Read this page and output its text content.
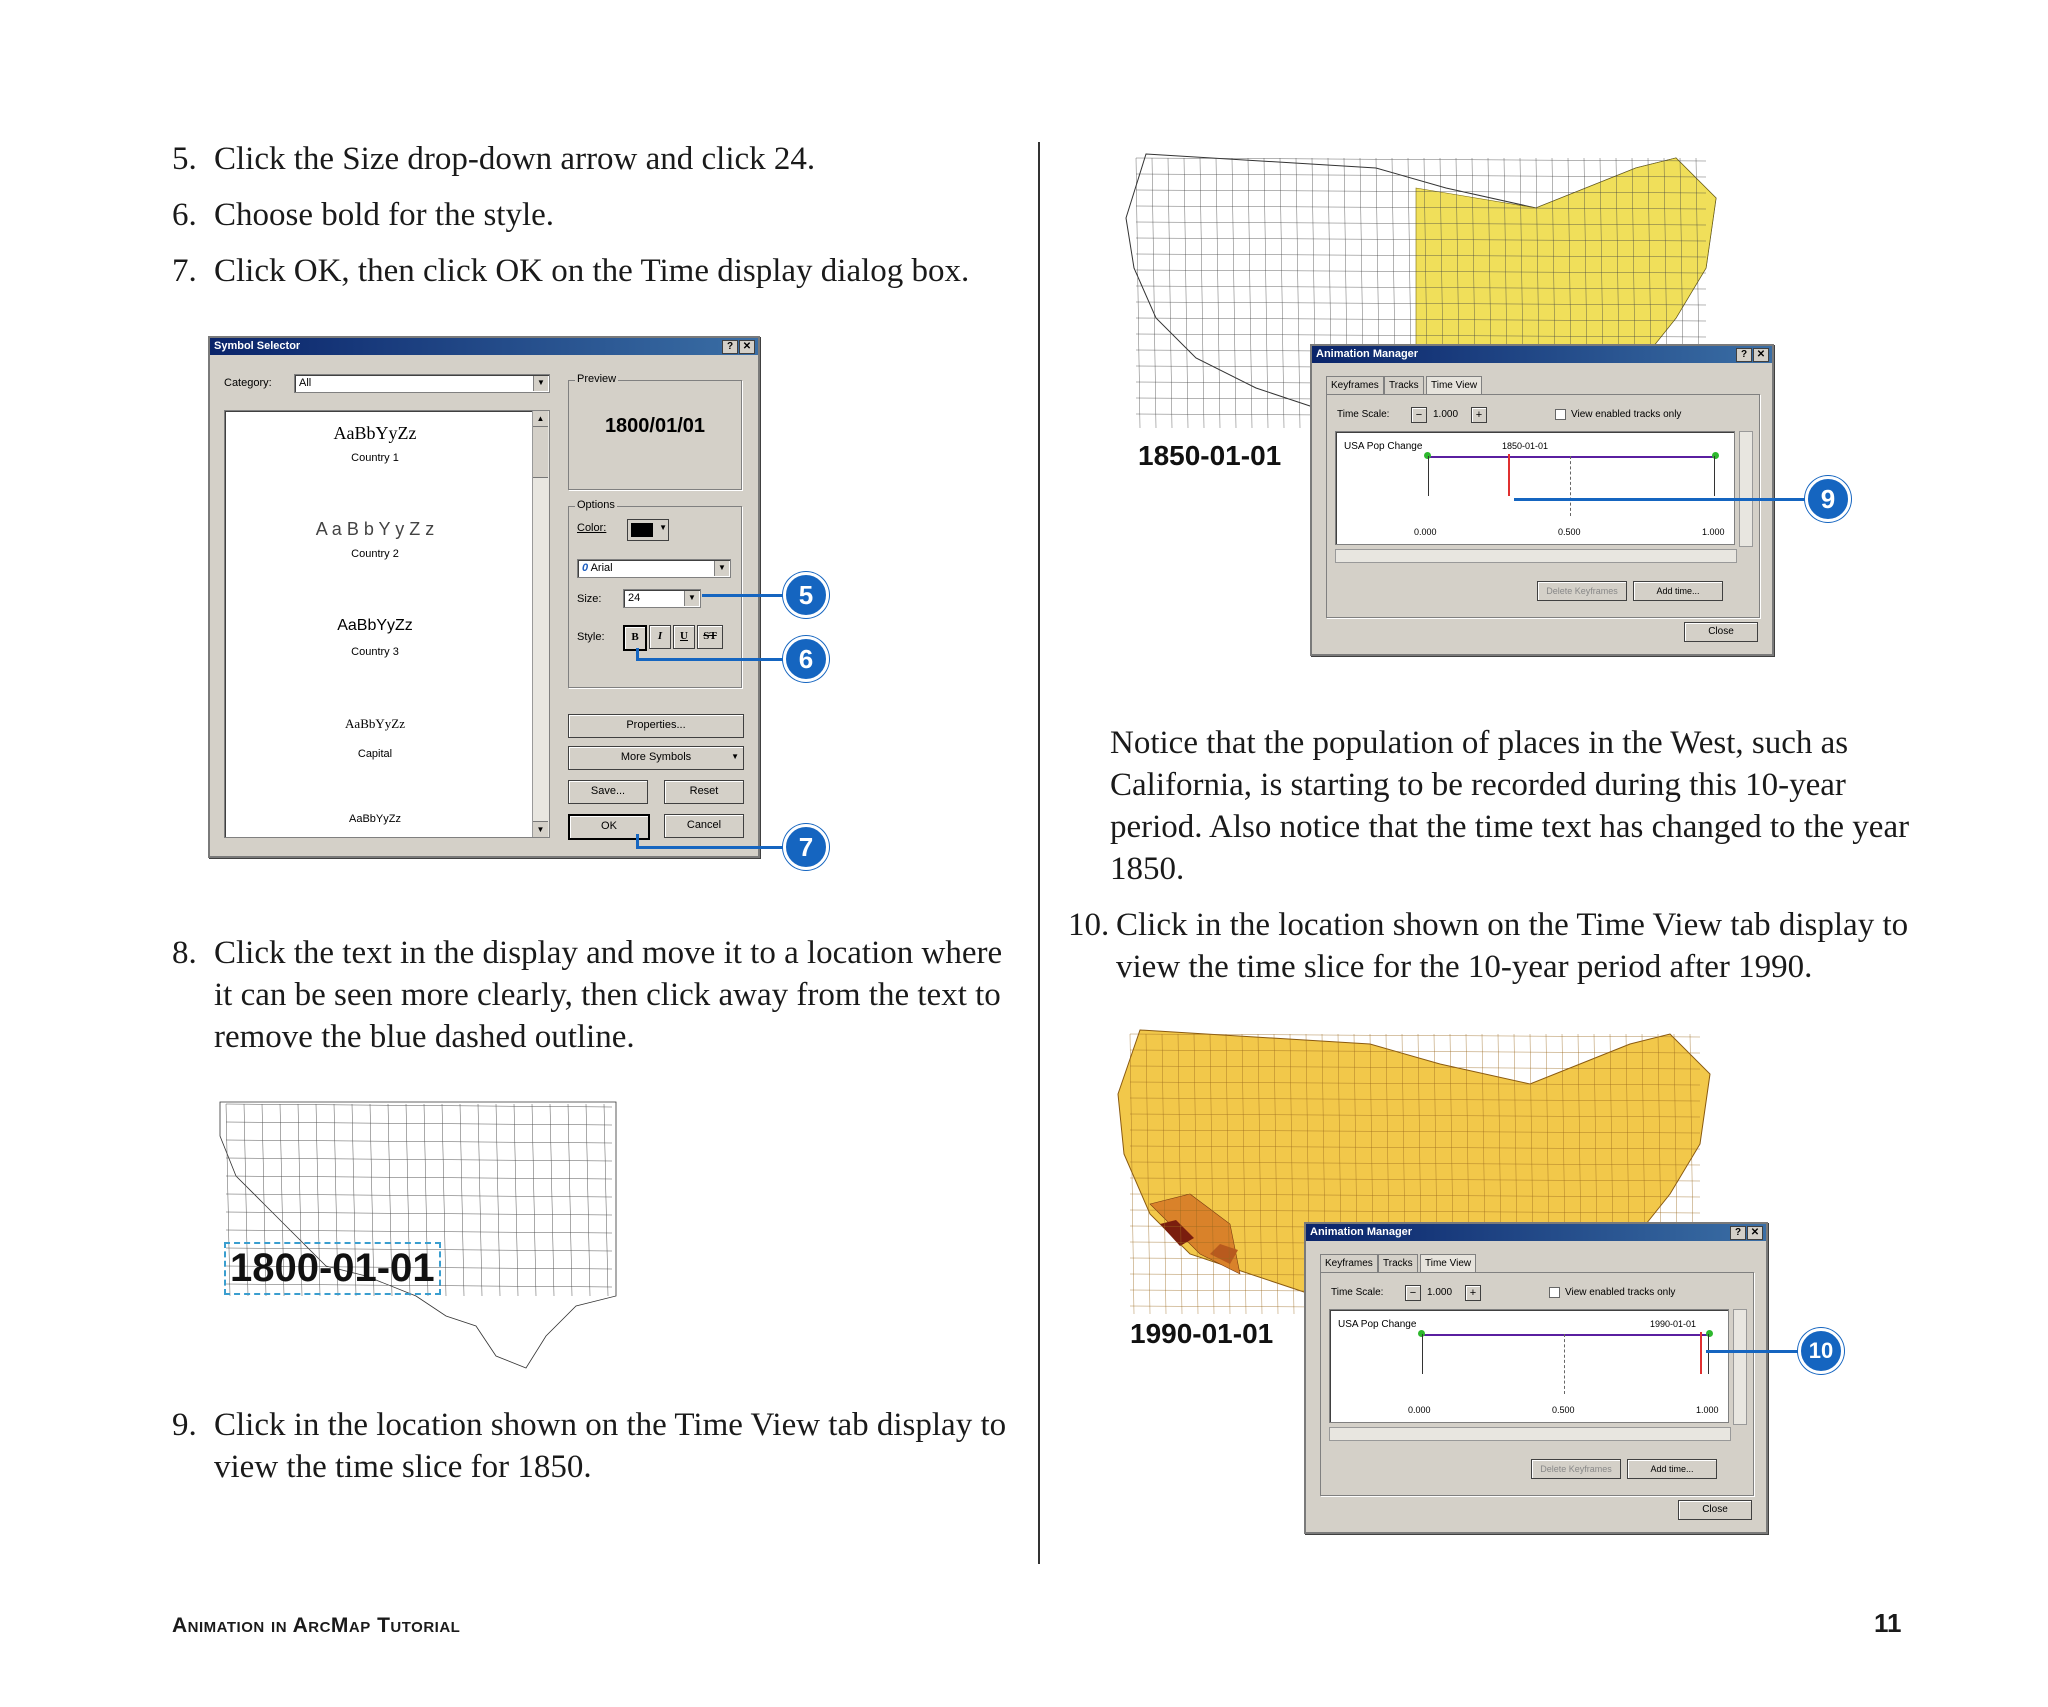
5. Click the Size drop-down arrow and click 24.
6. Choose bold for the style.
7. Click OK, then click OK on the Time display dialog box.
Symbol Selector	? ✕
Category:	All	▼
AaBbYyZz
Country 1
A a B b Y y Z z
Country 2
AaBbYyZz
Country 3
AaBbYyZz
Capital
AaBbYyZz
▲
▼
Preview
1800/01/01
Options
Color:	▼
0 Arial	▼
Size:	24	▼
Style:	B	I	U	ST
Properties...
More Symbols	▼
Save...	Reset
OK	Cancel
5
6
7
8. Click the text in the display and move it to a location where it can be seen more clearly, then click away from the text to remove the blue dashed outline.
1800-01-01
9. Click in the location shown on the Time View tab display to view the time slice for 1850.
1850-01-01
Animation Manager	? ✕
Keyframes	Tracks	Time View
Time Scale:	−	1.000	+	View enabled tracks only
USA Pop Change	1850-01-01
0.000	0.500	1.000
Delete Keyframes	Add time...
Close
9
Notice that the population of places in the West, such as California, is starting to be recorded during this 10-year period. Also notice that the time text has changed to the year 1850.
10. Click in the location shown on the Time View tab display to view the time slice for the 10-year period after 1990.
1990-01-01
Animation Manager	? ✕
Keyframes	Tracks	Time View
Time Scale:	−	1.000	+	View enabled tracks only
USA Pop Change	1990-01-01
0.000	0.500	1.000
Delete Keyframes	Add time...
Close
10
Animation in ArcMap Tutorial	11
